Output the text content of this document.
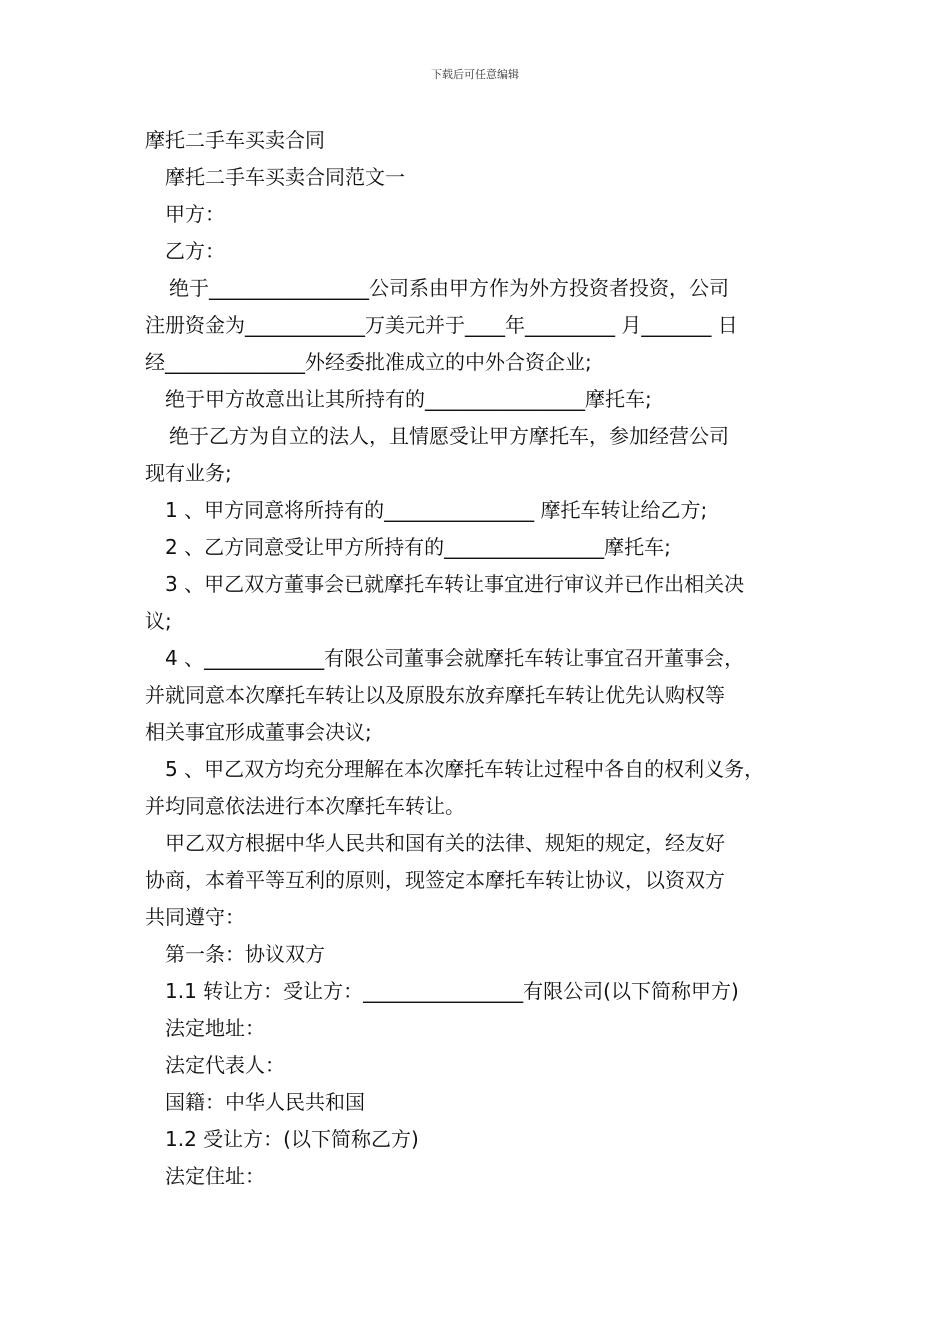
下载后可任意编辑
摩托二手车买卖合同
摩托二手车买卖合同范文一
甲方：
乙方：
绝于________________公司系由甲方作为外方投资者投资，公司
注册资金为____________万美元并于____年_________ 月_______ 日
经______________外经委批准成立的中外合资企业;
绝于甲方故意出让其所持有的________________摩托车;
绝于乙方为自立的法人，且情愿受让甲方摩托车，参加经营公司
现有业务;
1 、甲方同意将所持有的_______________ 摩托车转让给乙方;
2 、乙方同意受让甲方所持有的________________摩托车;
3 、甲乙双方董事会已就摩托车转让事宜进行审议并已作出相关决
议;
4 、____________有限公司董事会就摩托车转让事宜召开董事会，
并就同意本次摩托车转让以及原股东放弃摩托车转让优先认购权等
相关事宜形成董事会决议;
5 、甲乙双方均充分理解在本次摩托车转让过程中各自的权利义务，
并均同意依法进行本次摩托车转让。
甲乙双方根据中华人民共和国有关的法律、规矩的规定，经友好
协商，本着平等互利的原则，现签定本摩托车转让协议，以资双方
共同遵守：
第一条：协议双方
1.1 转让方：受让方：________________有限公司(以下简称甲方)
法定地址：
法定代表人：
国籍：中华人民共和国
1.2 受让方：(以下简称乙方)
法定住址：
